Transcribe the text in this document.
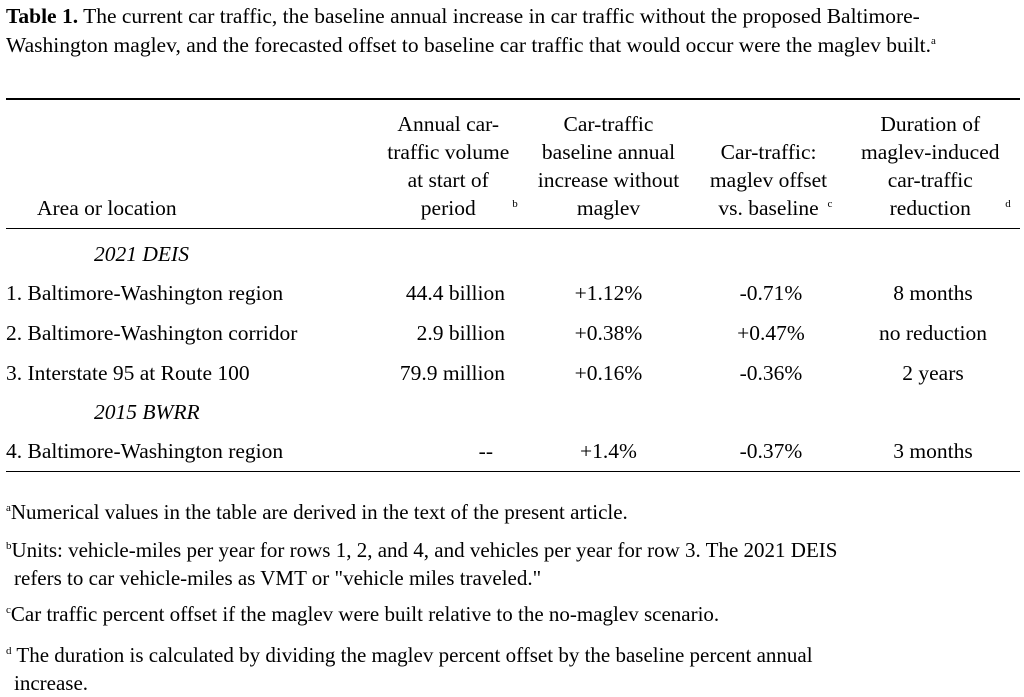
Table 1. The current car traffic, the baseline annual increase in car traffic without the proposed Baltimore-Washington maglev, and the forecasted offset to baseline car traffic that would occur were the maglev built.$^a$

Area or location	Annual car-traffic volume at start of period $^b$	Car-traffic baseline annual increase without maglev	Car-traffic: maglev offset vs. baseline $^c$	Duration of maglev-induced car-traffic reduction $^d$
2021 DEIS				
1. Baltimore-Washington region	44.4 billion	+1.12%	-0.71%	8 months
2. Baltimore-Washington corridor	2.9 billion	+0.38%	+0.47%	no reduction
3. Interstate 95 at Route 100	79.9 million	+0.16%	-0.36%	2 years
2015 BWRR				
4. Baltimore-Washington region	--	+1.4%	-0.37%	3 months
$^a$Numerical values in the table are derived in the text of the present article.
$^b$Units: vehicle-miles per year for rows 1, 2, and 4, and vehicles per year for row 3. The 2021 DEIS
refers to car vehicle-miles as VMT or "vehicle miles traveled."
$^c$Car traffic percent offset if the maglev were built relative to the no-maglev scenario.
$^d$ The duration is calculated by dividing the maglev percent offset by the baseline percent annual
increase.
